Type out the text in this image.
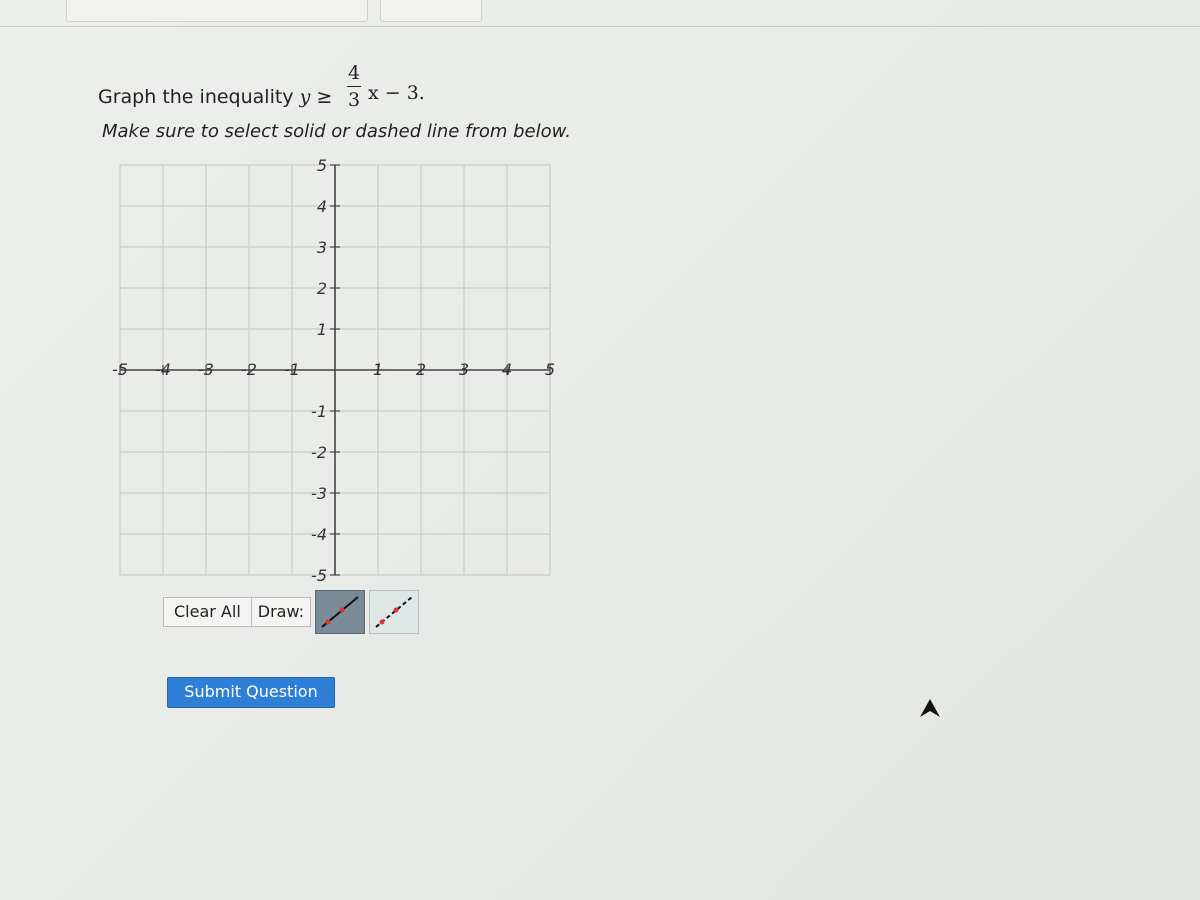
Graph the inequality y ≥
4
3 x − 3.
Make sure to select solid or dashed line from below.
-5 -4 -3 -2 -1	1 2 3 4 5
5
4
3
2
1
-1
-2
-3
-4
-5
Clear All	Draw:
Submit Question
